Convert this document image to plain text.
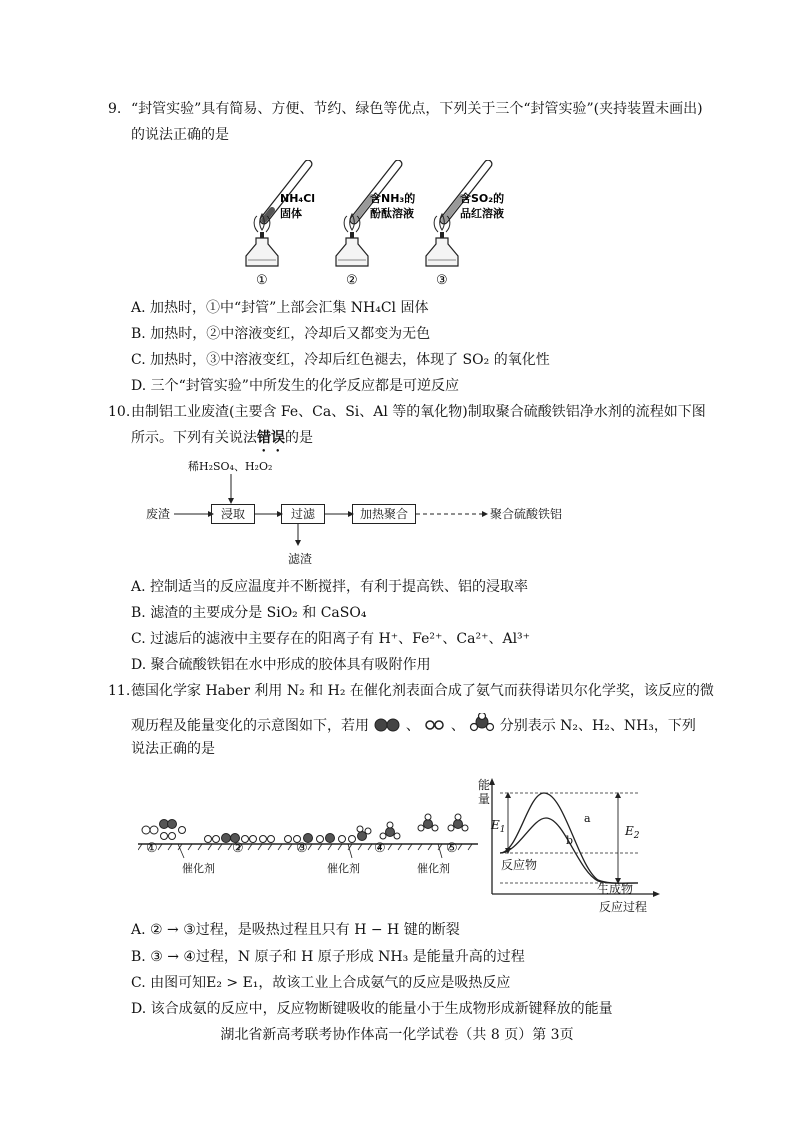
9. “封管实验”具有简易、方便、节约、绿色等优点，下列关于三个“封管实验”(夹持装置未画出)
的说法正确的是
NH₄Cl
固体
①
含NH₃的
酚酞溶液
②
含SO₂的
品红溶液
③
A. 加热时，①中“封管”上部会汇集 NH₄Cl 固体
B. 加热时，②中溶液变红，冷却后又都变为无色
C. 加热时，③中溶液变红，冷却后红色褪去，体现了 SO₂ 的氧化性
D. 三个“封管实验”中所发生的化学反应都是可逆反应
10. 由制铝工业废渣(主要含 Fe、Ca、Si、Al 等的氧化物)制取聚合硫酸铁铝净水剂的流程如下图
所示。下列有关说法错误的是
稀H₂SO₄、H₂O₂
废渣	浸取	过滤	加热聚合	聚合硫酸铁铝
滤渣
A. 控制适当的反应温度并不断搅拌，有利于提高铁、铝的浸取率
B. 滤渣的主要成分是 SiO₂ 和 CaSO₄
C. 过滤后的滤液中主要存在的阳离子有 H⁺、Fe²⁺、Ca²⁺、Al³⁺
D. 聚合硫酸铁铝在水中形成的胶体具有吸附作用
11. 德国化学家 Haber 利用 N₂ 和 H₂ 在催化剂表面合成了氨气而获得诺贝尔化学奖，该反应的微
观历程及能量变化的示意图如下，若用	、 、 分别表示 N₂、H₂、NH₃，下列
说法正确的是
①	②	③	④	⑤
催化剂	催化剂	催化剂
能量
$E_1$	$E_2$
a
b
反应物
生成物
反应过程
A. ② → ③过程，是吸热过程且只有 H − H 键的断裂
B. ③ → ④过程，N 原子和 H 原子形成 NH₃ 是能量升高的过程
C. 由图可知E₂ > E₁，故该工业上合成氨气的反应是吸热反应
D. 该合成氨的反应中，反应物断键吸收的能量小于生成物形成新键释放的能量
湖北省新高考联考协作体高一化学试卷（共 8 页）第 3页
